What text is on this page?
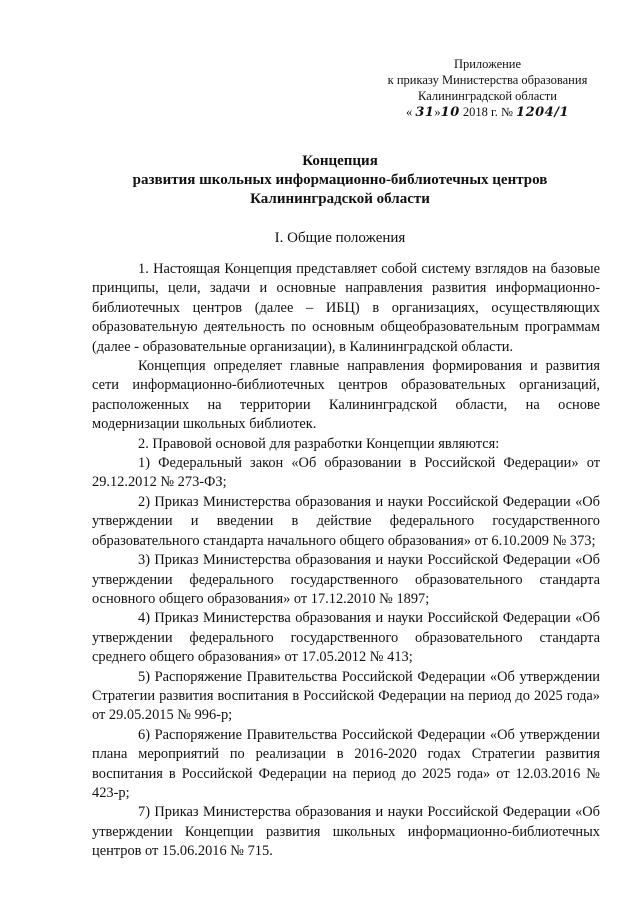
Приложение
к приказу Министерства образования
Калининградской области
« 31»10 2018 г. № 1204/1
Концепция
развития школьных информационно-библиотечных центров
Калининградской области
I. Общие положения

1. Настоящая Концепция представляет собой систему взглядов на базовые принципы, цели, задачи и основные направления развития информационно-библиотечных центров (далее – ИБЦ) в организациях, осуществляющих образовательную деятельность по основным общеобразовательным программам (далее - образовательные организации), в Калининградской области.

Концепция определяет главные направления формирования и развития сети информационно-библиотечных центров образовательных организаций, расположенных на территории Калининградской области, на основе модернизации школьных библиотек.

2. Правовой основой для разработки Концепции являются:

1) Федеральный закон «Об образовании в Российской Федерации» от 29.12.2012 № 273-ФЗ;

2) Приказ Министерства образования и науки Российской Федерации «Об утверждении и введении в действие федерального государственного образовательного стандарта начального общего образования» от 6.10.2009 № 373;

3) Приказ Министерства образования и науки Российской Федерации «Об утверждении федерального государственного образовательного стандарта основного общего образования» от 17.12.2010 № 1897;

4) Приказ Министерства образования и науки Российской Федерации «Об утверждении федерального государственного образовательного стандарта среднего общего образования» от 17.05.2012 № 413;

5) Распоряжение Правительства Российской Федерации «Об утверждении Стратегии развития воспитания в Российской Федерации на период до 2025 года» от 29.05.2015 № 996-р;

6) Распоряжение Правительства Российской Федерации «Об утверждении плана мероприятий по реализации в 2016-2020 годах Стратегии развития воспитания в Российской Федерации на период до 2025 года» от 12.03.2016 № 423-р;

7) Приказ Министерства образования и науки Российской Федерации «Об утверждении Концепции развития школьных информационно-библиотечных центров от 15.06.2016 № 715.
